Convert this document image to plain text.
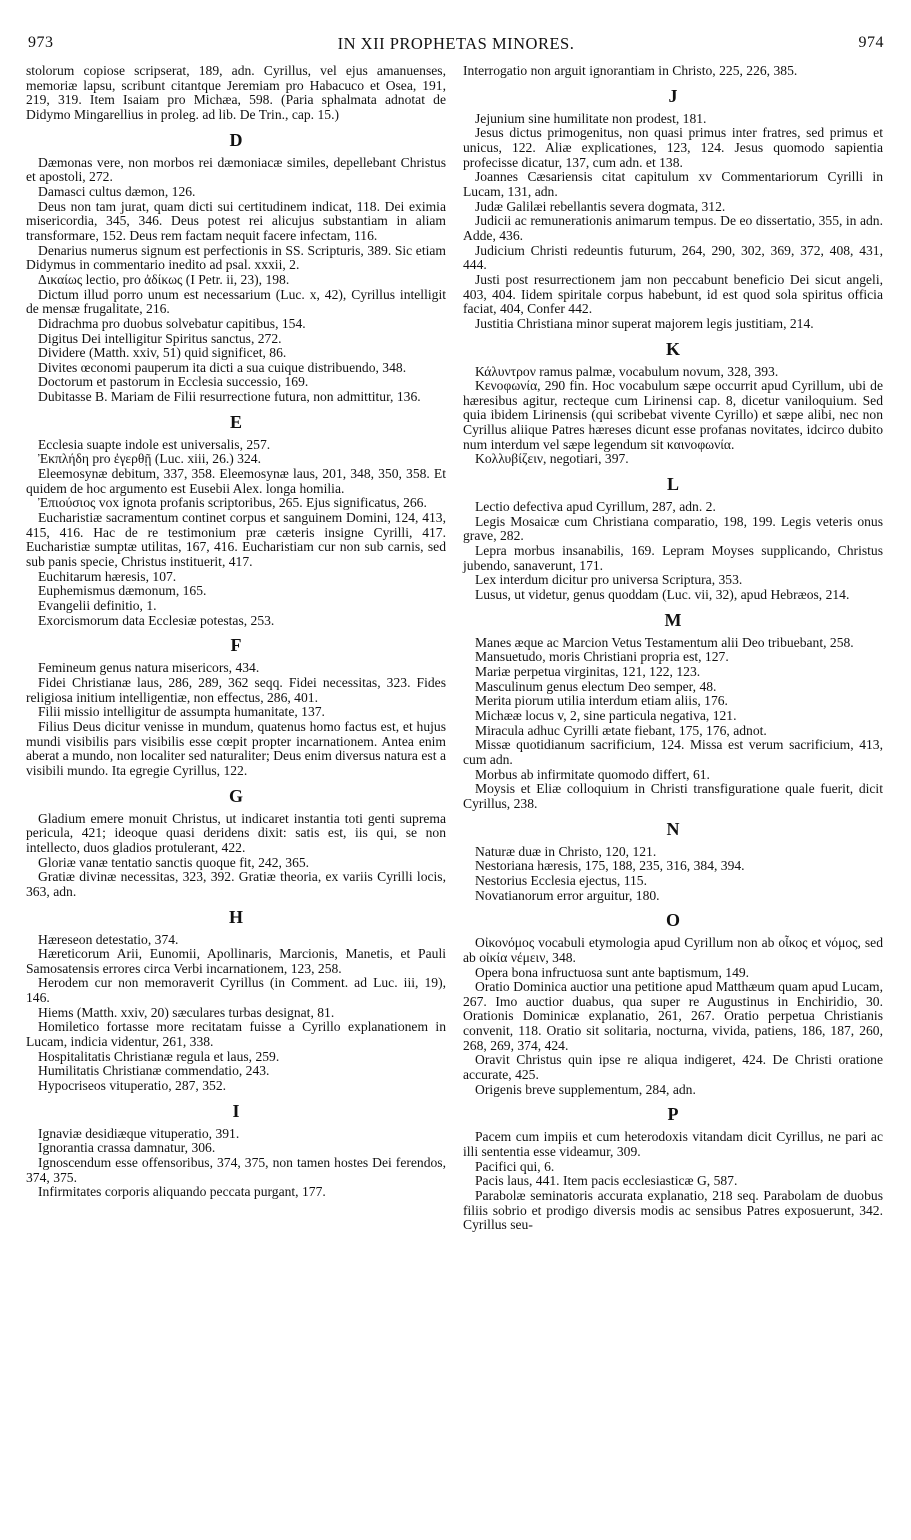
973	IN XII PROPHETAS MINORES.	974

stolorum copiose scripserat, 189, adn. Cyrillus, vel ejus amanuenses, memoriæ lapsu, scribunt citantque Jeremiam pro Habacuco et Osea, 191, 219, 319. Item Isaiam pro Michæa, 598. (Paria sphalmata adnotat de Didymo Mingarellius in proleg. ad lib. De Trin., cap. 15.)

D

Dæmonas vere, non morbos rei dæmoniacæ similes, depellebant Christus et apostoli, 272.

Damasci cultus dæmon, 126.

Deus non tam jurat, quam dicti sui certitudinem indicat, 118. Dei eximia misericordia, 345, 346. Deus potest rei alicujus substantiam in aliam transformare, 152. Deus rem factam nequit facere infectam, 116.

Denarius numerus signum est perfectionis in SS. Scripturis, 389. Sic etiam Didymus in commentario inedito ad psal. xxxii, 2.

Δικαίως lectio, pro ἀδίκως (I Petr. ii, 23), 198.

Dictum illud porro unum est necessarium (Luc. x, 42), Cyrillus intelligit de mensæ frugalitate, 216.

Didrachma pro duobus solvebatur capitibus, 154.

Digitus Dei intelligitur Spiritus sanctus, 272.

Dividere (Matth. xxiv, 51) quid significet, 86.

Divites œconomi pauperum ita dicti a sua cuique distribuendo, 348.

Doctorum et pastorum in Ecclesia successio, 169.

Dubitasse B. Mariam de Filii resurrectione futura, non admittitur, 136.

E

Ecclesia suapte indole est universalis, 257.

Ἐκπλήδη pro ἐγερθῇ (Luc. xiii, 26.) 324.

Eleemosynæ debitum, 337, 358. Eleemosynæ laus, 201, 348, 350, 358. Et quidem de hoc argumento est Eusebii Alex. longa homilia.

Ἐπιούσιος vox ignota profanis scriptoribus, 265. Ejus significatus, 266.

Eucharistiæ sacramentum continet corpus et sanguinem Domini, 124, 413, 415, 416. Hac de re testimonium præ cæteris insigne Cyrilli, 417. Eucharistiæ sumptæ utilitas, 167, 416. Eucharistiam cur non sub carnis, sed sub panis specie, Christus instituerit, 417.

Euchitarum hæresis, 107.

Euphemismus dæmonum, 165.

Evangelii definitio, 1.

Exorcismorum data Ecclesiæ potestas, 253.

F

Femineum genus natura misericors, 434.

Fidei Christianæ laus, 286, 289, 362 seqq. Fidei necessitas, 323. Fides religiosa initium intelligentiæ, non effectus, 286, 401.

Filii missio intelligitur de assumpta humanitate, 137.

Filius Deus dicitur venisse in mundum, quatenus homo factus est, et hujus mundi visibilis pars visibilis esse cœpit propter incarnationem. Antea enim aberat a mundo, non localiter sed naturaliter; Deus enim diversus natura est a visibili mundo. Ita egregie Cyrillus, 122.

G

Gladium emere monuit Christus, ut indicaret instantia toti genti suprema pericula, 421; ideoque quasi deridens dixit: satis est, iis qui, se non intellecto, duos gladios protulerant, 422.

Gloriæ vanæ tentatio sanctis quoque fit, 242, 365.

Gratiæ divinæ necessitas, 323, 392. Gratiæ theoria, ex variis Cyrilli locis, 363, adn.

H

Hæreseon detestatio, 374.

Hæreticorum Arii, Eunomii, Apollinaris, Marcionis, Manetis, et Pauli Samosatensis errores circa Verbi incarnationem, 123, 258.

Herodem cur non memoraverit Cyrillus (in Comment. ad Luc. iii, 19), 146.

Hiems (Matth. xxiv, 20) sæculares turbas designat, 81.

Homiletico fortasse more recitatam fuisse a Cyrillo explanationem in Lucam, indicia videntur, 261, 338.

Hospitalitatis Christianæ regula et laus, 259.

Humilitatis Christianæ commendatio, 243.

Hypocriseos vituperatio, 287, 352.

I

Ignaviæ desidiæque vituperatio, 391.

Ignorantia crassa damnatur, 306.

Ignoscendum esse offensoribus, 374, 375, non tamen hostes Dei ferendos, 374, 375.

Infirmitates corporis aliquando peccata purgant, 177.

Interrogatio non arguit ignorantiam in Christo, 225, 226, 385.

J

Jejunium sine humilitate non prodest, 181.

Jesus dictus primogenitus, non quasi primus inter fratres, sed primus et unicus, 122. Aliæ explicationes, 123, 124. Jesus quomodo sapientia profecisse dicatur, 137, cum adn. et 138.

Joannes Cæsariensis citat capitulum xv Commentariorum Cyrilli in Lucam, 131, adn.

Judæ Galilæi rebellantis severa dogmata, 312.

Judicii ac remunerationis animarum tempus. De eo dissertatio, 355, in adn. Adde, 436.

Judicium Christi redeuntis futurum, 264, 290, 302, 369, 372, 408, 431, 444.

Justi post resurrectionem jam non peccabunt beneficio Dei sicut angeli, 403, 404. Iidem spiritale corpus habebunt, id est quod sola spiritus officia faciat, 404, Confer 442.

Justitia Christiana minor superat majorem legis justitiam, 214.

K

Κάλυντρον ramus palmæ, vocabulum novum, 328, 393.

Κενοφωνία, 290 fin. Hoc vocabulum sæpe occurrit apud Cyrillum, ubi de hæresibus agitur, recteque cum Lirinensi cap. 8, dicetur vaniloquium. Sed quia ibidem Lirinensis (qui scribebat vivente Cyrillo) et sæpe alibi, nec non Cyrillus aliique Patres hæreses dicunt esse profanas novitates, idcirco dubito num interdum vel sæpe legendum sit καινοφωνία.

Κολλυβίζειν, negotiari, 397.

L

Lectio defectiva apud Cyrillum, 287, adn. 2.

Legis Mosaicæ cum Christiana comparatio, 198, 199. Legis veteris onus grave, 282.

Lepra morbus insanabilis, 169. Lepram Moyses supplicando, Christus jubendo, sanaverunt, 171.

Lex interdum dicitur pro universa Scriptura, 353.

Lusus, ut videtur, genus quoddam (Luc. vii, 32), apud Hebræos, 214.

M

Manes æque ac Marcion Vetus Testamentum alii Deo tribuebant, 258.

Mansuetudo, moris Christiani propria est, 127.

Mariæ perpetua virginitas, 121, 122, 123.

Masculinum genus electum Deo semper, 48.

Merita piorum utilia interdum etiam aliis, 176.

Michææ locus v, 2, sine particula negativa, 121.

Miracula adhuc Cyrilli ætate fiebant, 175, 176, adnot.

Missæ quotidianum sacrificium, 124. Missa est verum sacrificium, 413, cum adn.

Morbus ab infirmitate quomodo differt, 61.

Moysis et Eliæ colloquium in Christi transfiguratione quale fuerit, dicit Cyrillus, 238.

N

Naturæ duæ in Christo, 120, 121.

Nestoriana hæresis, 175, 188, 235, 316, 384, 394.

Nestorius Ecclesia ejectus, 115.

Novatianorum error arguitur, 180.

O

Οἰκονόμος vocabuli etymologia apud Cyrillum non ab οἶκος et νόμος, sed ab οἰκία νέμειν, 348.

Opera bona infructuosa sunt ante baptismum, 149.

Oratio Dominica auctior una petitione apud Matthæum quam apud Lucam, 267. Imo auctior duabus, qua super re Augustinus in Enchiridio, 30. Orationis Dominicæ explanatio, 261, 267. Oratio perpetua Christianis convenit, 118. Oratio sit solitaria, nocturna, vivida, patiens, 186, 187, 260, 268, 269, 374, 424.

Oravit Christus quin ipse re aliqua indigeret, 424. De Christi oratione accurate, 425.

Origenis breve supplementum, 284, adn.

P

Pacem cum impiis et cum heterodoxis vitandam dicit Cyrillus, ne pari ac illi sententia esse videamur, 309.

Pacifici qui, 6.

Pacis laus, 441. Item pacis ecclesiasticæ G, 587.

Parabolæ seminatoris accurata explanatio, 218 seq. Parabolam de duobus filiis sobrio et prodigo diversis modis ac sensibus Patres exposuerunt, 342. Cyrillus seu-
